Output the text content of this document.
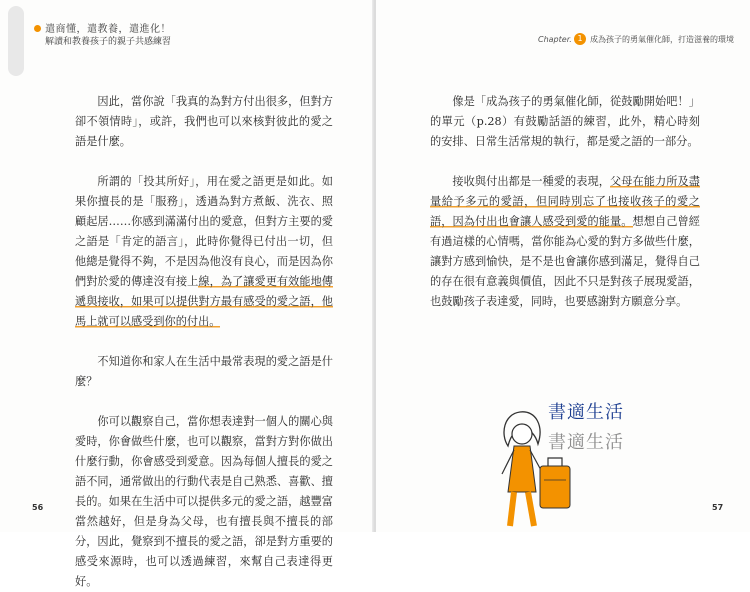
遣商懂，遣教養，遣進化！
解讀和教養孩子的親子共感練習

因此，當你說「我真的為對方付出很多，但對方卻不領情時」，或許，我們也可以來核對彼此的愛之語是什麼。

所謂的「投其所好」，用在愛之語更是如此。如果你擅長的是「服務」，透過為對方煮飯、洗衣、照顧起居……你感到滿滿付出的愛意，但對方主要的愛之語是「肯定的語言」，此時你覺得已付出一切，但他總是覺得不夠，不是因為他沒有良心，而是因為你們對於愛的傳達沒有接上線，為了讓愛更有效能地傳遞與接收，如果可以提供對方最有感受的愛之語，他馬上就可以感受到你的付出。

不知道你和家人在生活中最常表現的愛之語是什麼？

你可以觀察自己，當你想表達對一個人的關心與愛時，你會做些什麼，也可以觀察，當對方對你做出什麼行動，你會感受到愛意。因為每個人擅長的愛之語不同，通常做出的行動代表是自己熟悉、喜歡、擅長的。如果在生活中可以提供多元的愛之語，越豐富當然越好，但是身為父母，也有擅長與不擅長的部分，因此，覺察到不擅長的愛之語，卻是對方重要的感受來源時，也可以透過練習，來幫自己表達得更好。

56
Chapter. 1 成為孩子的勇氣催化師，打造滋養的環境

像是「成為孩子的勇氣催化師，從鼓勵開始吧！」的單元（p.28）有鼓勵話語的練習，此外，精心時刻的安排、日常生活常規的執行，都是愛之語的一部分。

接收與付出都是一種愛的表現，父母在能力所及盡量給予多元的愛語，但同時別忘了也接收孩子的愛之語，因為付出也會讓人感受到愛的能量。想想自己曾經有過這樣的心情嗎，當你能為心愛的對方多做些什麼，讓對方感到愉快，是不是也會讓你感到滿足，覺得自己的存在很有意義與價值，因此不只是對孩子展現愛語，也鼓勵孩子表達愛，同時，也要感謝對方願意分享。

書適生活
書適生活
57
